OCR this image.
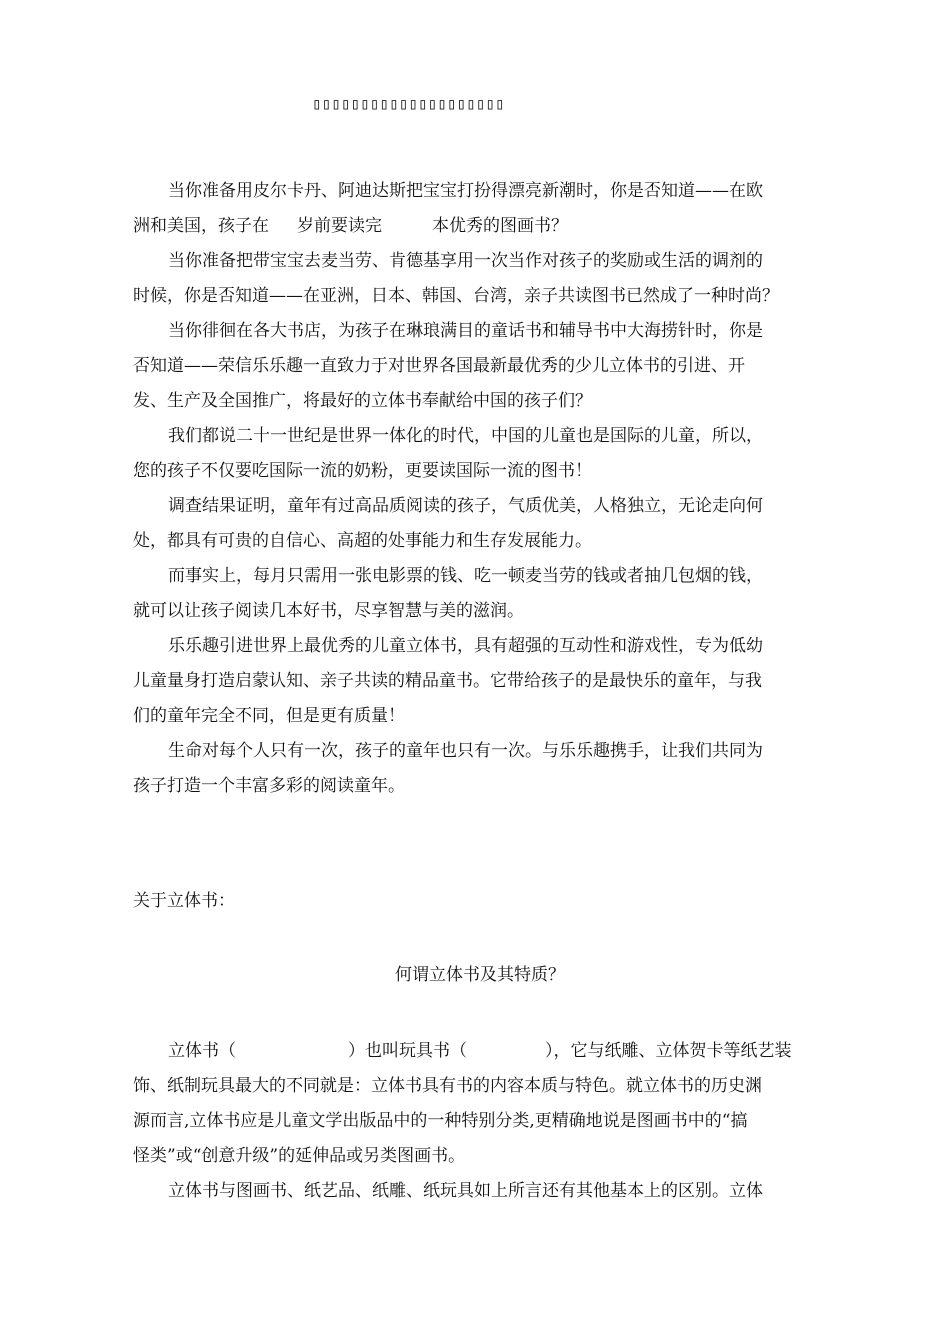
▯▯▯▯▯▯▯▯▯▯▯▯▯▯▯▯▯▯▯▯

当你准备用皮尔卡丹、阿迪达斯把宝宝打扮得漂亮新潮时，你是否知道——在欧
洲和美国，孩子在 岁前要读完	本优秀的图画书？

当你准备把带宝宝去麦当劳、肯德基享用一次当作对孩子的奖励或生活的调剂的
时候，你是否知道——在亚洲，日本、韩国、台湾，亲子共读图书已然成了一种时尚？

当你徘徊在各大书店，为孩子在琳琅满目的童话书和辅导书中大海捞针时，你是
否知道——荣信乐乐趣一直致力于对世界各国最新最优秀的少儿立体书的引进、开
发、生产及全国推广，将最好的立体书奉献给中国的孩子们？

我们都说二十一世纪是世界一体化的时代，中国的儿童也是国际的儿童，所以，
您的孩子不仅要吃国际一流的奶粉，更要读国际一流的图书！

调查结果证明，童年有过高品质阅读的孩子，气质优美，人格独立，无论走向何
处，都具有可贵的自信心、高超的处事能力和生存发展能力。

而事实上，每月只需用一张电影票的钱、吃一顿麦当劳的钱或者抽几包烟的钱，
就可以让孩子阅读几本好书，尽享智慧与美的滋润。

乐乐趣引进世界上最优秀的儿童立体书，具有超强的互动性和游戏性，专为低幼
儿童量身打造启蒙认知、亲子共读的精品童书。它带给孩子的是最快乐的童年，与我
们的童年完全不同，但是更有质量！

生命对每个人只有一次，孩子的童年也只有一次。与乐乐趣携手，让我们共同为
孩子打造一个丰富多彩的阅读童年。

关于立体书：
何谓立体书及其特质？

立体书（	）也叫玩具书（	），它与纸雕、立体贺卡等纸艺装
饰、纸制玩具最大的不同就是：立体书具有书的内容本质与特色。就立体书的历史渊
源而言,立体书应是儿童文学出版品中的一种特别分类,更精确地说是图画书中的“搞
怪类”或“创意升级”的延伸品或另类图画书。

立体书与图画书、纸艺品、纸雕、纸玩具如上所言还有其他基本上的区别。立体
